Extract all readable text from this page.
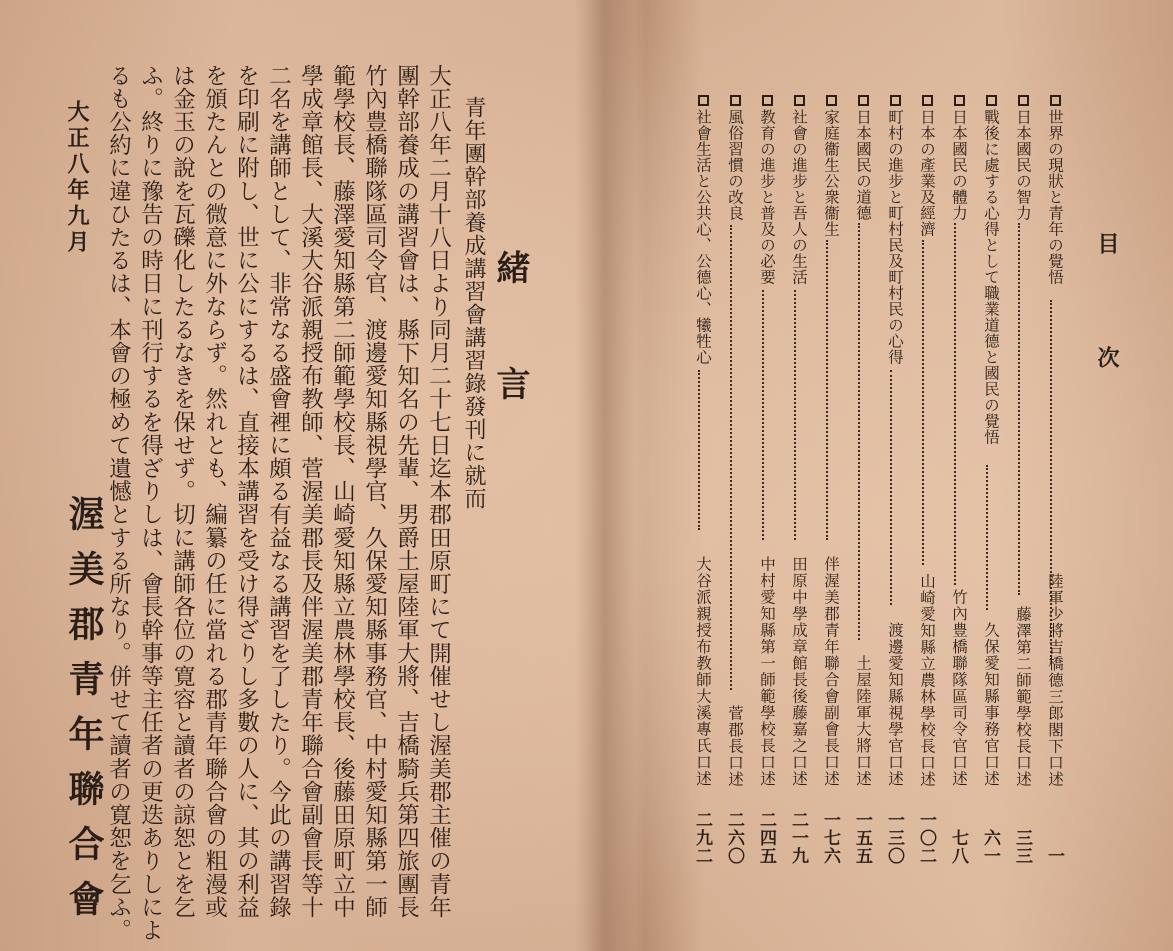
緒言
青年團幹部養成講習會講習錄發刊に就而
大正八年二月十八日より同月二十七日迄本郡田原町にて開催せし渥美郡主催の青年
團幹部養成の講習會は、縣下知名の先輩、男爵土屋陸軍大將、吉橋騎兵第四旅團長
竹內豊橋聯隊區司令官、渡邊愛知縣視學官、久保愛知縣事務官、中村愛知縣第一師
範學校長、藤澤愛知縣第二師範學校長、山崎愛知縣立農林學校長、後藤田原町立中
學成章館長、大溪大谷派親授布教師、菅渥美郡長及伴渥美郡青年聯合會副會長等十
二名を講師として、非常なる盛會裡に頗る有益なる講習を了したり。今此の講習錄
を印刷に附し、世に公にするは、直接本講習を受け得ざりし多數の人に、其の利益
を頒たんとの微意に外ならず。然れとも、編纂の任に當れる郡青年聯合會の粗漫或
は金玉の說を瓦礫化したるなきを保せず。切に講師各位の寛容と讀者の諒恕とを乞
ふ。終りに豫告の時日に刊行するを得ざりしは、會長幹事等主任者の更迭ありしによ
るも公約に違ひたるは、本會の極めて遺憾とする所なり。併せて讀者の寛恕を乞ふ。
大正八年九月
渥美郡青年聯合會
目次
世界の現狀と青年の覺悟
陸軍少將吉橋德三郎閣下口述
一
日本國民の智力
藤澤第二師範學校長口述
三三
戰後に處する心得として職業道德と國民の覺悟
久保愛知縣事務官口述
六一
日本國民の體力
竹內豊橋聯隊區司令官口述
七八
日本の產業及經濟
山崎愛知縣立農林學校長口述
一〇二
町村の進步と町村民及町村民の心得
渡邊愛知縣視學官口述
一三〇
日本國民の道德
土屋陸軍大將口述
一五五
家庭衞生公衆衞生
伴渥美郡青年聯合會副會長口述
一七六
社會の進步と吾人の生活
田原中學成章館長後藤嘉之口述
二一九
教育の進步と普及の必要
中村愛知縣第一師範學校長口述
二四五
風俗習慣の改良
菅郡長口述
二六〇
社會生活と公共心、公德心、犧牲心
大谷派親授布教師大溪專氏口述
二九二
